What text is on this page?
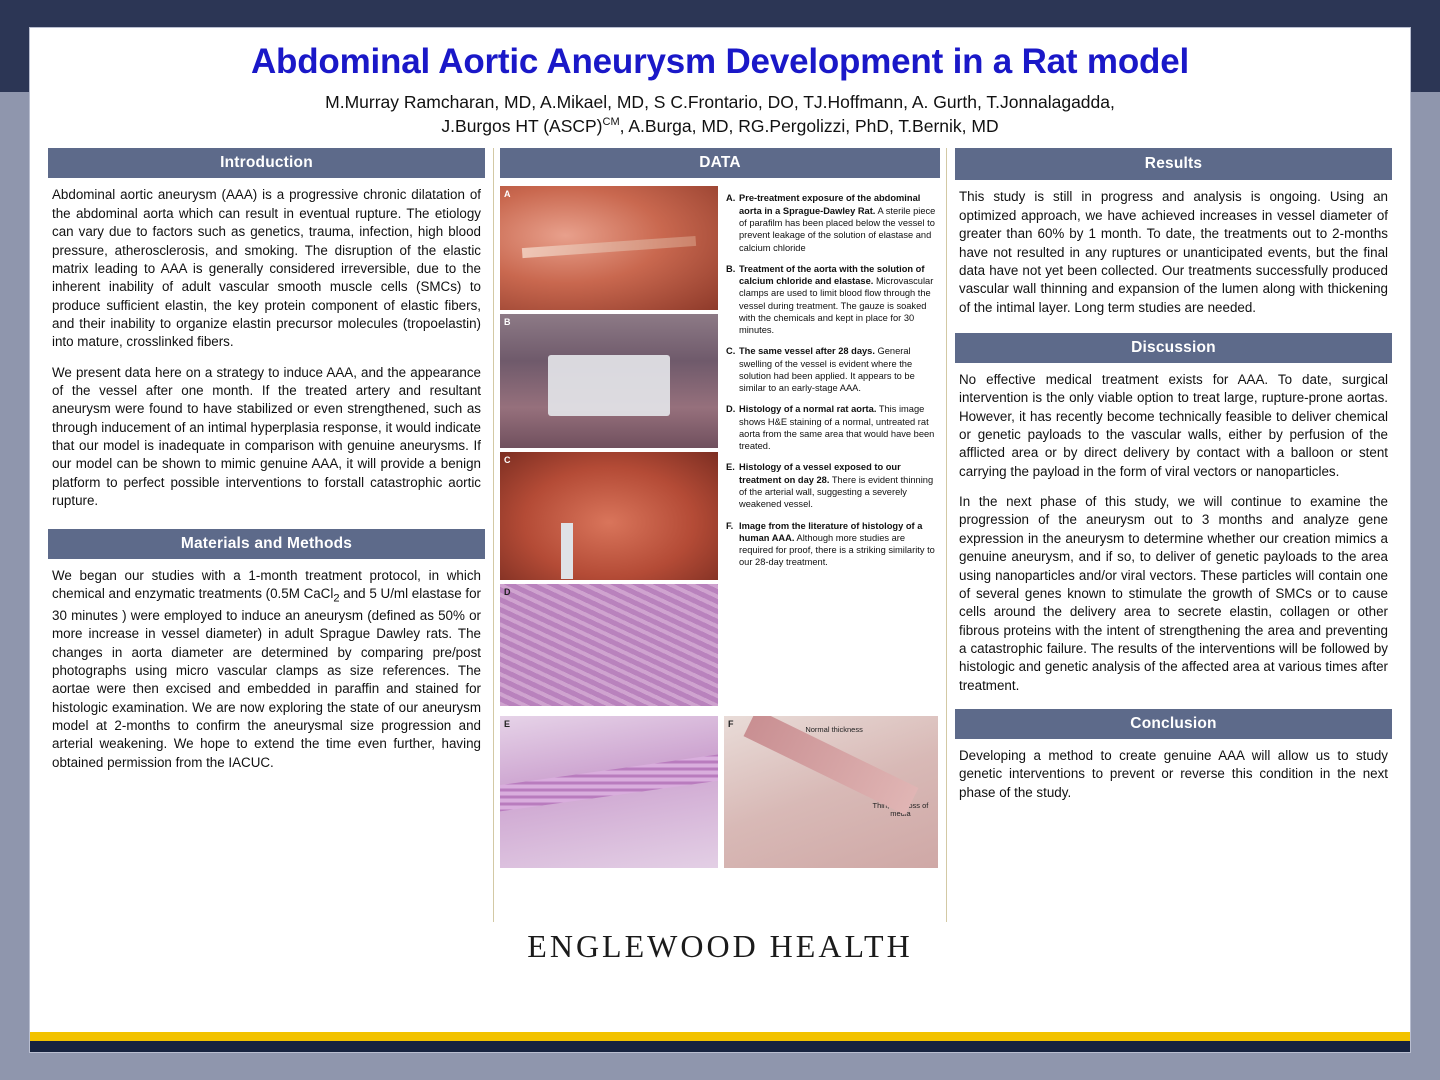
Abdominal Aortic Aneurysm Development in a Rat model
M.Murray Ramcharan, MD, A.Mikael, MD, S C.Frontario, DO, TJ.Hoffmann, A. Gurth, T.Jonnalagadda,
J.Burgos HT (ASCP)$^{CM}$, A.Burga, MD, RG.Pergolizzi, PhD, T.Bernik, MD
Introduction

Abdominal aortic aneurysm (AAA) is a progressive chronic dilatation of the abdominal aorta which can result in eventual rupture. The etiology can vary due to factors such as genetics, trauma, infection, high blood pressure, atherosclerosis, and smoking. The disruption of the elastic matrix leading to AAA is generally considered irreversible, due to the inherent inability of adult vascular smooth muscle cells (SMCs) to produce sufficient elastin, the key protein component of elastic fibers, and their inability to organize elastin precursor molecules (tropoelastin) into mature, crosslinked fibers.

We present data here on a strategy to induce AAA, and the appearance of the vessel after one month. If the treated artery and resultant aneurysm were found to have stabilized or even strengthened, such as through inducement of an intimal hyperplasia response, it would indicate that our model is inadequate in comparison with genuine aneurysms. If our model can be shown to mimic genuine AAA, it will provide a benign platform to perfect possible interventions to forstall catastrophic aortic rupture.

Materials and Methods

We began our studies with a 1-month treatment protocol, in which chemical and enzymatic treatments (0.5M CaCl$_2$ and 5 U/ml elastase for 30 minutes ) were employed to induce an aneurysm (defined as 50% or more increase in vessel diameter) in adult Sprague Dawley rats. The changes in aorta diameter are determined by comparing pre/post photographs using micro vascular clamps as size references. The aortae were then excised and embedded in paraffin and stained for histologic examination. We are now exploring the state of our aneurysm model at 2-months to confirm the aneurysmal size progression and arterial weakening. We hope to extend the time even further, having obtained permission from the IACUC.

DATA
A
B
C
D
A. Pre-treatment exposure of the abdominal aorta in a Sprague-Dawley Rat. A sterile piece of parafilm has been placed below the vessel to prevent leakage of the solution of elastase and calcium chloride
B. Treatment of the aorta with the solution of calcium chloride and elastase. Microvascular clamps are used to limit blood flow through the vessel during treatment. The gauze is soaked with the chemicals and kept in place for 30 minutes.
C. The same vessel after 28 days. General swelling of the vessel is evident where the solution had been applied. It appears to be similar to an early-stage AAA.
D. Histology of a normal rat aorta. This image shows H&E staining of a normal, untreated rat aorta from the same area that would have been treated.
E. Histology of a vessel exposed to our treatment on day 28. There is evident thinning of the arterial wall, suggesting a severely weakened vessel.
F. Image from the literature of histology of a human AAA. Although more studies are required for proof, there is a striking similarity to our 28-day treatment.
E	F	Normal thickness
Thin, with loss of media
Results

This study is still in progress and analysis is ongoing. Using an optimized approach, we have achieved increases in vessel diameter of greater than 60% by 1 month. To date, the treatments out to 2-months have not resulted in any ruptures or unanticipated events, but the final data have not yet been collected. Our treatments successfully produced vascular wall thinning and expansion of the lumen along with thickening of the intimal layer. Long term studies are needed.

Discussion

No effective medical treatment exists for AAA. To date, surgical intervention is the only viable option to treat large, rupture-prone aortas. However, it has recently become technically feasible to deliver chemical or genetic payloads to the vascular walls, either by perfusion of the afflicted area or by direct delivery by contact with a balloon or stent carrying the payload in the form of viral vectors or nanoparticles.

In the next phase of this study, we will continue to examine the progression of the aneurysm out to 3 months and analyze gene expression in the aneurysm to determine whether our creation mimics a genuine aneurysm, and if so, to deliver of genetic payloads to the area using nanoparticles and/or viral vectors. These particles will contain one of several genes known to stimulate the growth of SMCs or to cause cells around the delivery area to secrete elastin, collagen or other fibrous proteins with the intent of strengthening the area and preventing a catastrophic failure. The results of the interventions will be followed by histologic and genetic analysis of the affected area at various times after treatment.

Conclusion

Developing a method to create genuine AAA will allow us to study genetic interventions to prevent or reverse this condition in the next phase of the study.

ENGLEWOOD HEALTH
